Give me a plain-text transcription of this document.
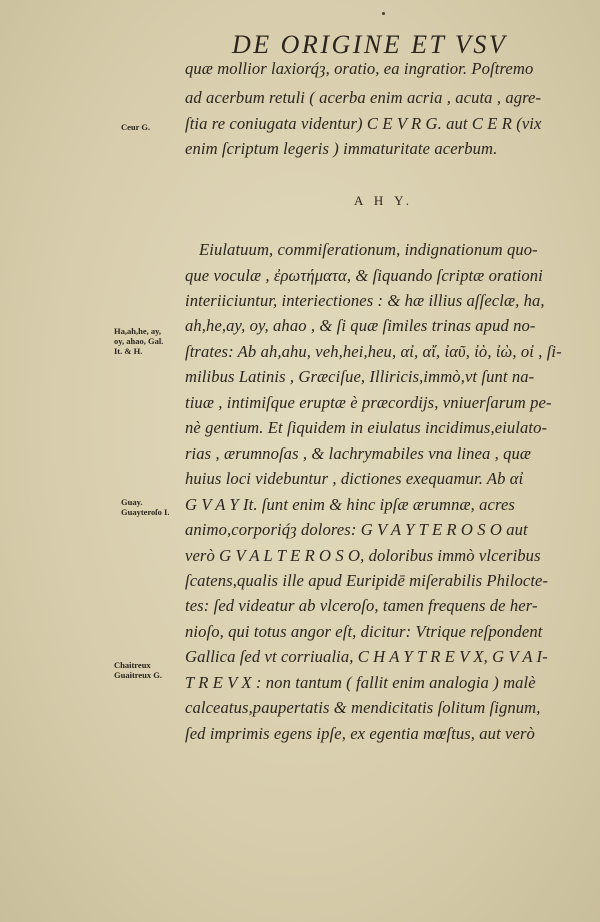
DE ORIGINE ET VSV
quæ mollior laxiorq́ȝ, oratio, ea ingratior. Poſtremo
ad acerbum retuli ( acerba enim acria , acuta , agre-
ſtia re coniugata videntur) C E V R G. aut C E R (vix
enim ſcriptum legeris ) immaturitate acerbum.
Ceur G.
A H Y.
Eiulatuum, commiſerationum, indignationum quo-
que voculæ , ἐρωτήματα, & ſiquando ſcriptæ orationi
interiiciuntur, interiectiones : & hæ illius aſſeclæ, ha,
ah,he,ay, oy, ahao , & ſi quæ ſimiles trinas apud no-
ſtrates: Ab ah,ahu, veh,hei,heu, αἰ, αἴ, ἰαῦ, ἰὸ, ἰὼ, οἰ , ſi-
milibus Latinis , Græciſue, Illiricis,immò,vt ſunt na-
tiuæ , intimiſque eruptæ è præcordijs, vniuerſarum pe-
nè gentium. Et ſiquidem in eiulatus incidimus,eiulato-
rias , ærumnoſas , & lachrymabiles vna linea , quæ
huius loci videbuntur , dictiones exequamur. Ab αἰ
G V A Y It. ſunt enim & hinc ipſæ ærumnæ, acres
animo,corporiq́ȝ dolores: G V A Y T E R O S O aut
verò G V A L T E R O S O, doloribus immò vlceribus
ſcatens,qualis ille apud Euripidē miſerabilis Philocte-
tes: ſed videatur ab vlceroſo, tamen frequens de her-
nioſo, qui totus angor eſt, dicitur: Vtrique reſpondent
Gallica ſed vt corriualia, C H A Y T R E V X, G V A I-
T R E V X : non tantum ( fallit enim analogia ) malè
calceatus,paupertatis & mendicitatis ſolitum ſignum,
ſed imprimis egens ipſe, ex egentia mœſtus, aut verò
Ha,ah,he, ay,
oy, ahao, Gal.
It. & H.
Guay.
Guayteroſo I.
Chaitreux
Guaitreux G.
